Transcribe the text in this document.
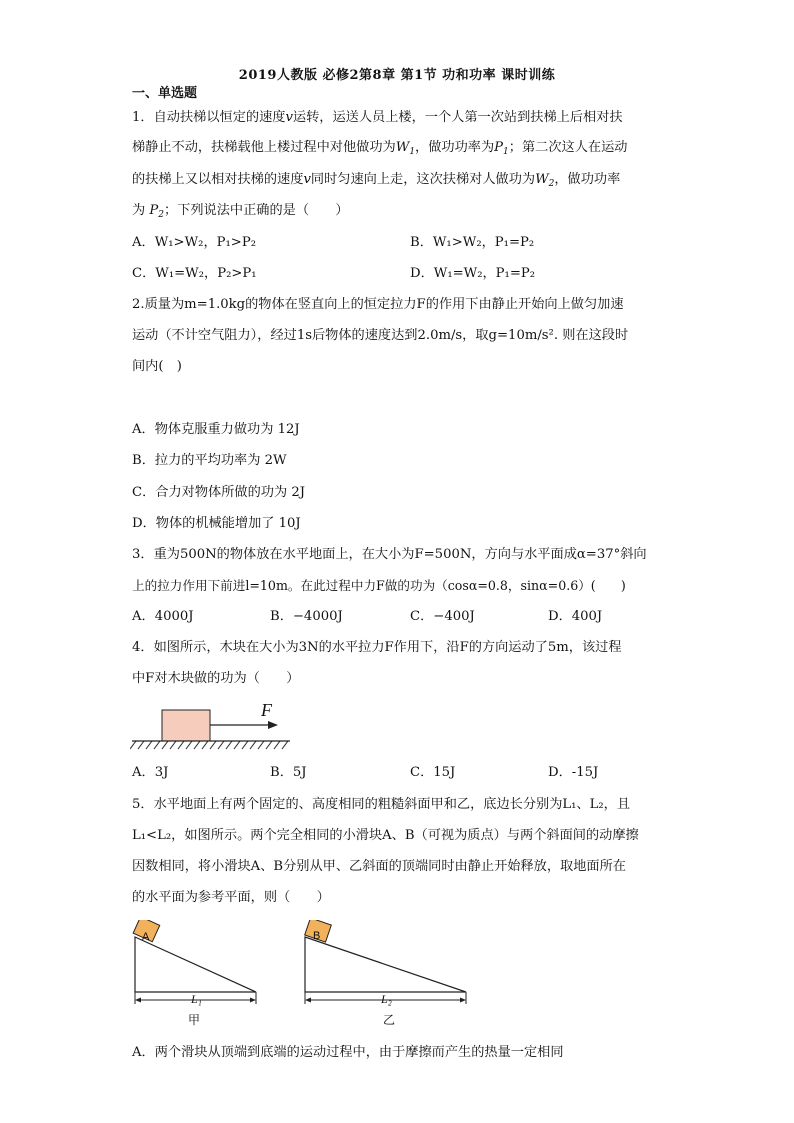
2019人教版 必修2第8章 第1节 功和功率 课时训练
一、单选题
1．自动扶梯以恒定的速度v运转，运送人员上楼，一个人第一次站到扶梯上后相对扶
梯静止不动，扶梯载他上楼过程中对他做功为$W_1$，做功功率为$P_1$；第二次这人在运动
的扶梯上又以相对扶梯的速度v同时匀速向上走，这次扶梯对人做功为$W_2$，做功功率
为 $P_2$；下列说法中正确的是（　　）
A．W₁>W₂，P₁>P₂	B．W₁>W₂，P₁=P₂
C．W₁=W₂，P₂>P₁	D．W₁=W₂，P₁=P₂
2.质量为m=1.0kg的物体在竖直向上的恒定拉力F的作用下由静止开始向上做匀加速
运动（不计空气阻力），经过1s后物体的速度达到2.0m/s，取g=10m/s². 则在这段时
间内(　)
A．物体克服重力做功为 12J
B．拉力的平均功率为 2W
C．合力对物体所做的功为 2J
D．物体的机械能增加了 10J
3．重为500N的物体放在水平地面上，在大小为F=500N，方向与水平面成α=37°斜向
上的拉力作用下前进l=10m。在此过程中力F做的功为（cosα=0.8，sinα=0.6）(　　)
A．4000J	B．−4000J	C．−400J	D．400J
4．如图所示，木块在大小为3N的水平拉力F作用下，沿F的方向运动了5m，该过程
中F对木块做的功为（　　）
F
A．3J	B．5J	C．15J	D．-15J
5．水平地面上有两个固定的、高度相同的粗糙斜面甲和乙，底边长分别为L₁、L₂，且
L₁<L₂，如图所示。两个完全相同的小滑块A、B（可视为质点）与两个斜面间的动摩擦
因数相同，将小滑块A、B分别从甲、乙斜面的顶端同时由静止开始释放，取地面所在
的水平面为参考平面，则（　　）
A
L₁
甲
B
L₂
乙
A．两个滑块从顶端到底端的运动过程中，由于摩擦而产生的热量一定相同
